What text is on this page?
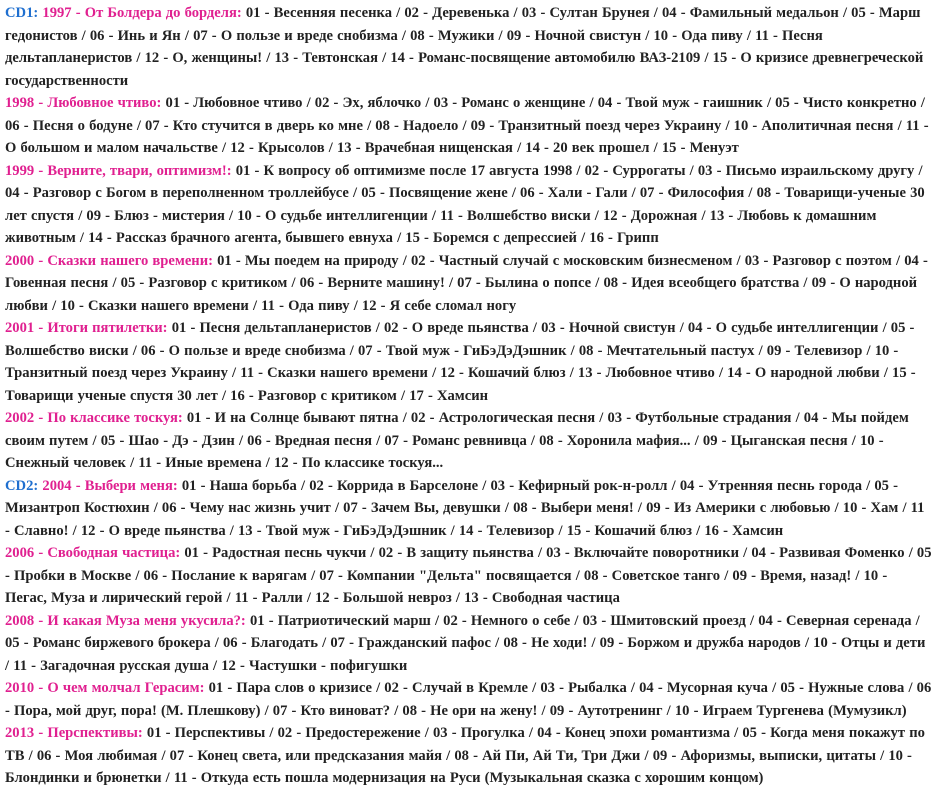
CD1: 1997 - От Болдера до борделя: 01 - Весенняя песенка / 02 - Деревенька / 03 - Султан Брунея / 04 - Фамильный медальон / 05 - Марш гедонистов / 06 - Инь и Ян / 07 - О пользе и вреде снобизма / 08 - Мужики / 09 - Ночной свистун / 10 - Ода пиву / 11 - Песня дельтапланеристов / 12 - О, женщины! / 13 - Тевтонская / 14 - Романс-посвящение автомобилю ВАЗ-2109 / 15 - О кризисе древнегреческой государственности

1998 - Любовное чтиво: 01 - Любовное чтиво / 02 - Эх, яблочко / 03 - Романс о женщине / 04 - Твой муж - гаишник / 05 - Чисто конкретно / 06 - Песня о бодуне / 07 - Кто стучится в дверь ко мне / 08 - Надоело / 09 - Транзитный поезд через Украину / 10 - Аполитичная песня / 11 - О большом и малом начальстве / 12 - Крысолов / 13 - Врачебная нищенская / 14 - 20 век прошел / 15 - Менуэт

1999 - Верните, твари, оптимизм!: 01 - К вопросу об оптимизме после 17 августа 1998 / 02 - Суррогаты / 03 - Письмо израильскому другу / 04 - Разговор с Богом в переполненном троллейбусе / 05 - Посвящение жене / 06 - Хали - Гали / 07 - Философия / 08 - Товарищи-ученые 30 лет спустя / 09 - Блюз - мистерия / 10 - О судьбе интеллигенции / 11 - Волшебство виски / 12 - Дорожная / 13 - Любовь к домашним животным / 14 - Рассказ брачного агента, бывшего евнуха / 15 - Боремся с депрессией / 16 - Грипп

2000 - Сказки нашего времени: 01 - Мы поедем на природу / 02 - Частный случай с московским бизнесменом / 03 - Разговор с поэтом / 04 - Говенная песня / 05 - Разговор с критиком / 06 - Верните машину! / 07 - Былина о попсе / 08 - Идея всеобщего братства / 09 - О народной любви / 10 - Сказки нашего времени / 11 - Ода пиву / 12 - Я себе сломал ногу

2001 - Итоги пятилетки: 01 - Песня дельтапланеристов / 02 - О вреде пьянства / 03 - Ночной свистун / 04 - О судьбе интеллигенции / 05 - Волшебство виски / 06 - О пользе и вреде снобизма / 07 - Твой муж - ГиБэДэДэшник / 08 - Мечтательный пастух / 09 - Телевизор / 10 - Транзитный поезд через Украину / 11 - Сказки нашего времени / 12 - Кошачий блюз / 13 - Любовное чтиво / 14 - О народной любви / 15 - Товарищи ученые спустя 30 лет / 16 - Разговор с критиком / 17 - Хамсин

2002 - По классике тоскуя: 01 - И на Солнце бывают пятна / 02 - Астрологическая песня / 03 - Футбольные страдания / 04 - Мы пойдем своим путем / 05 - Шао - Дэ - Дзин / 06 - Вредная песня / 07 - Романс ревнивца / 08 - Хоронила мафия... / 09 - Цыганская песня / 10 - Снежный человек / 11 - Иные времена / 12 - По классике тоскуя...

CD2: 2004 - Выбери меня: 01 - Наша борьба / 02 - Коррида в Барселоне / 03 - Кефирный рок-н-ролл / 04 - Утренняя песнь города / 05 - Мизантроп Костюхин / 06 - Чему нас жизнь учит / 07 - Зачем Вы, девушки / 08 - Выбери меня! / 09 - Из Америки с любовью / 10 - Хам / 11 - Славно! / 12 - О вреде пьянства / 13 - Твой муж - ГиБэДэДэшник / 14 - Телевизор / 15 - Кошачий блюз / 16 - Хамсин

2006 - Свободная частица: 01 - Радостная песнь чукчи / 02 - В защиту пьянства / 03 - Включайте поворотники / 04 - Развивая Фоменко / 05 - Пробки в Москве / 06 - Послание к варягам / 07 - Компании "Дельта" посвящается / 08 - Советское танго / 09 - Время, назад! / 10 - Пегас, Муза и лирический герой / 11 - Ралли / 12 - Большой невроз / 13 - Свободная частица

2008 - И какая Муза меня укусила?: 01 - Патриотический марш / 02 - Немного о себе / 03 - Шмитовский проезд / 04 - Северная серенада / 05 - Романс биржевого брокера / 06 - Благодать / 07 - Гражданский пафос / 08 - Не ходи! / 09 - Боржом и дружба народов / 10 - Отцы и дети / 11 - Загадочная русская душа / 12 - Частушки - пофигушки

2010 - О чем молчал Герасим: 01 - Пара слов о кризисе / 02 - Случай в Кремле / 03 - Рыбалка / 04 - Мусорная куча / 05 - Нужные слова / 06 - Пора, мой друг, пора! (М. Плешкову) / 07 - Кто виноват? / 08 - Не ори на жену! / 09 - Аутотренинг / 10 - Играем Тургенева (Мумузикл)

2013 - Перспективы: 01 - Перспективы / 02 - Предостережение / 03 - Прогулка / 04 - Конец эпохи романтизма / 05 - Когда меня покажут по ТВ / 06 - Моя любимая / 07 - Конец света, или предсказания майя / 08 - Ай Пи, Ай Ти, Три Джи / 09 - Афоризмы, выписки, цитаты / 10 - Блондинки и брюнетки / 11 - Откуда есть пошла модернизация на Руси (Музыкальная сказка с хорошим концом)
